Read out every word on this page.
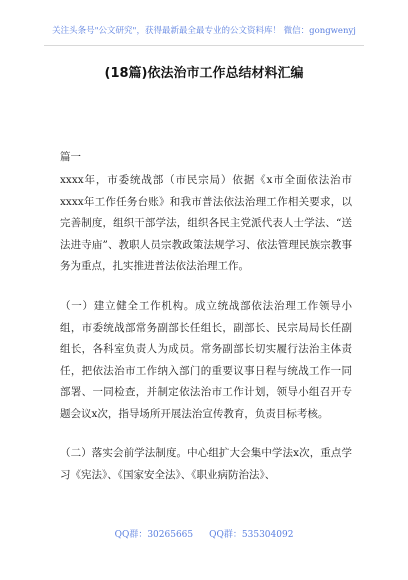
关注头条号"公文研究"，获得最新最全最专业的公文资料库！ 微信：gongwenyj
(18篇)依法治市工作总结材料汇编
篇一
xxxx年，市委统战部（市民宗局）依据《x市全面依法治市xxxx年工作任务台账》和我市普法依法治理工作相关要求，以完善制度，组织干部学法，组织各民主党派代表人士学法、“送法进寺庙”、教职人员宗教政策法规学习、依法管理民族宗教事务为重点，扎实推进普法依法治理工作。
（一）建立健全工作机构。成立统战部依法治理工作领导小组，市委统战部常务副部长任组长，副部长、民宗局局长任副组长，各科室负责人为成员。常务副部长切实履行法治主体责任，把依法治市工作纳入部门的重要议事日程与统战工作一同部署、一同检查，并制定依法治市工作计划，领导小组召开专题会议x次，指导场所开展法治宣传教育，负责目标考核。
（二）落实会前学法制度。中心组扩大会集中学法x次，重点学习《宪法》、《国家安全法》、《职业病防治法》、
QQ群：30265665 QQ群：535304092
